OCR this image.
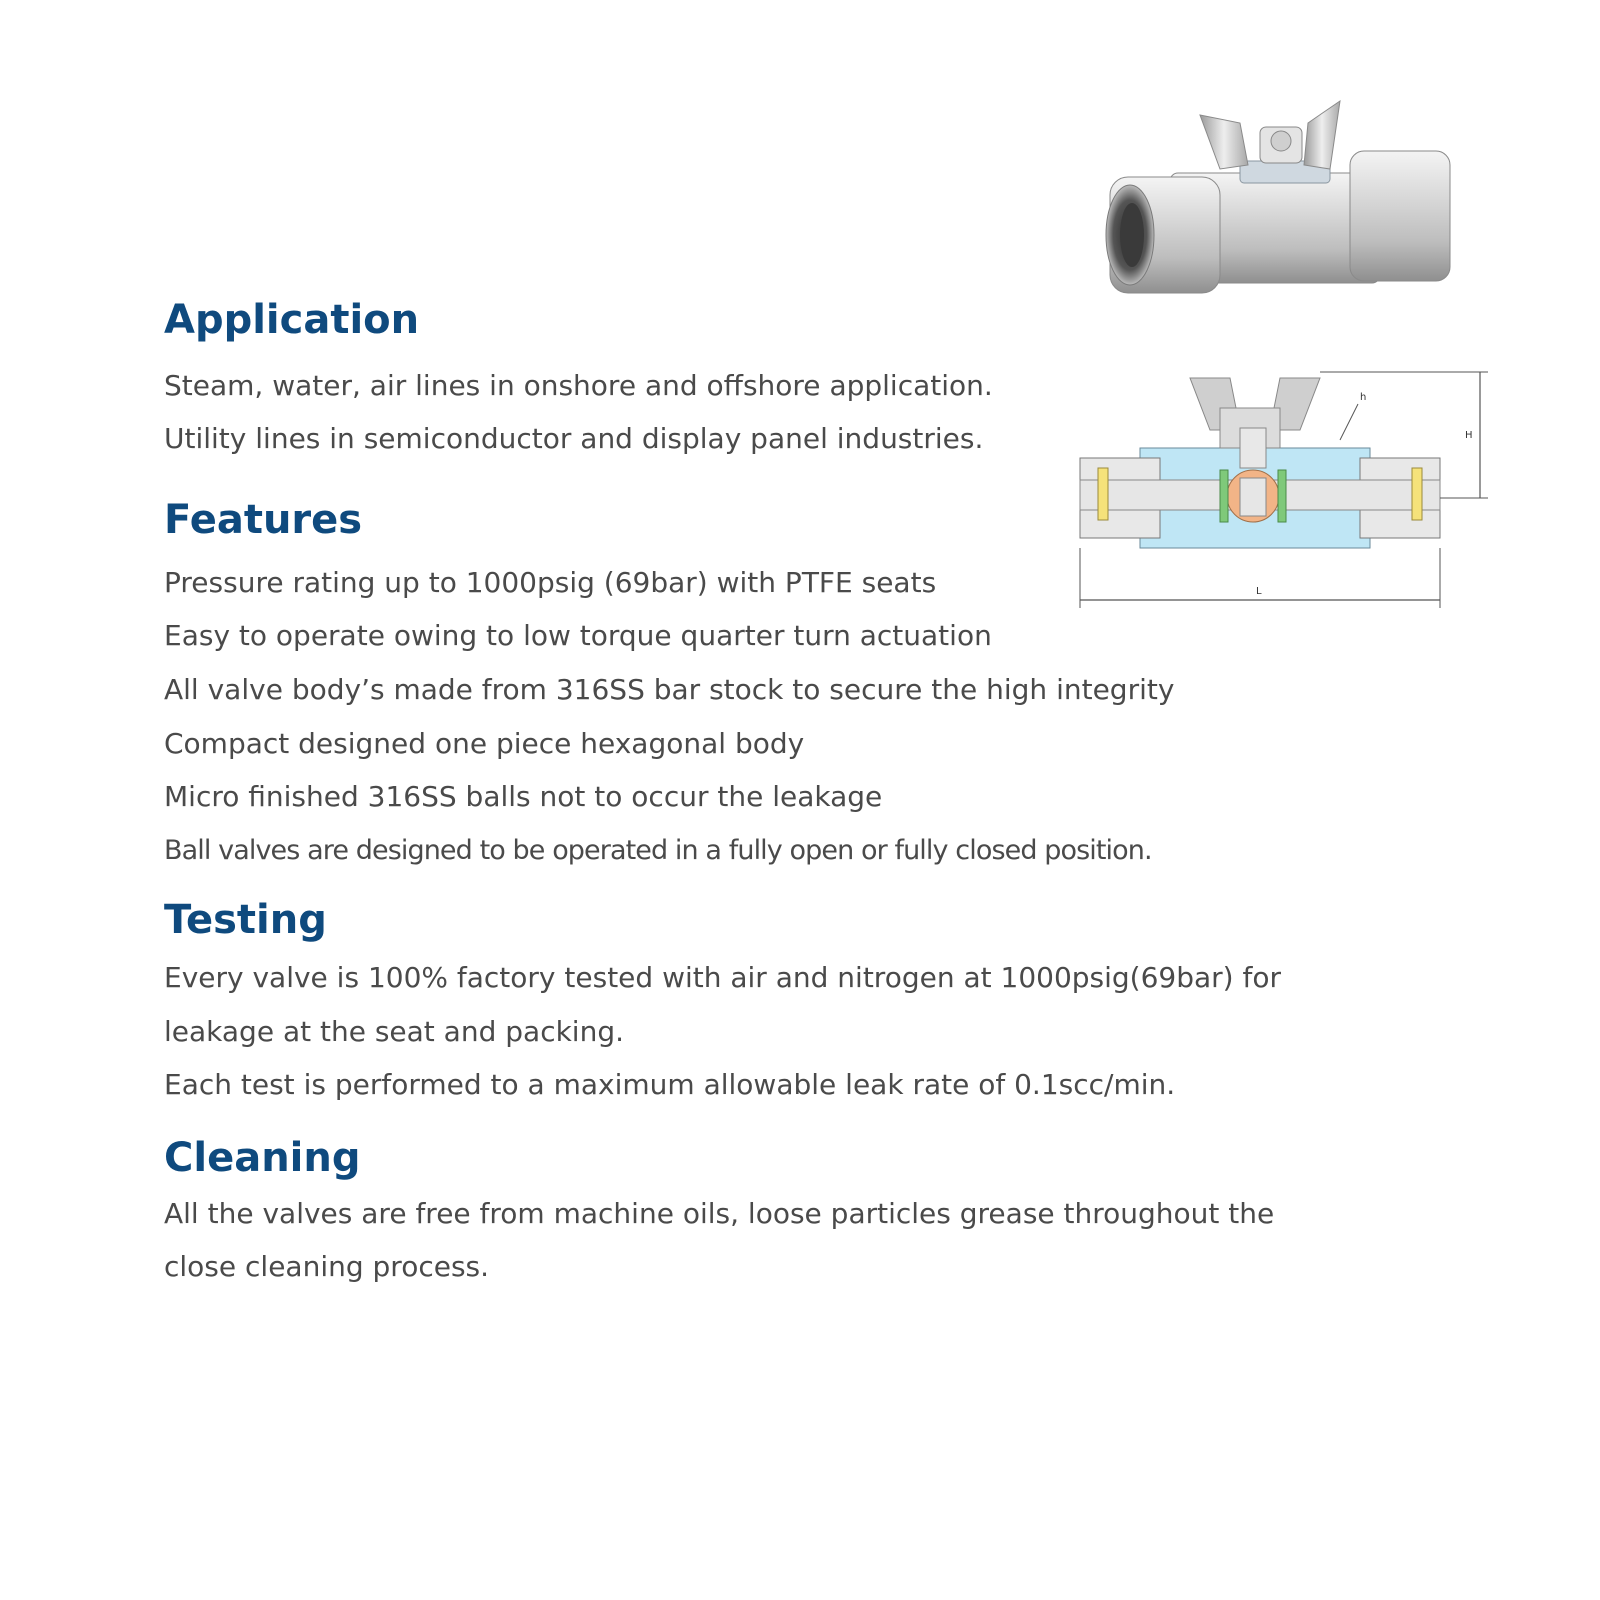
h
H
L
Application

Steam, water, air lines in onshore and offshore application.

Utility lines in semiconductor and display panel industries.

Features

Pressure rating up to 1000psig (69bar) with PTFE seats

Easy to operate owing to low torque quarter turn actuation

All valve body’s made from 316SS bar stock to secure the high integrity

Compact designed one piece hexagonal body

Micro finished 316SS balls not to occur the leakage

Ball valves are designed to be operated in a fully open or fully closed position.

Testing

Every valve is 100% factory tested with air and nitrogen at 1000psig(69bar) for

leakage at the seat and packing.

Each test is performed to a maximum allowable leak rate of 0.1scc/min.

Cleaning

All the valves are free from machine oils, loose particles grease throughout the

close cleaning process.
